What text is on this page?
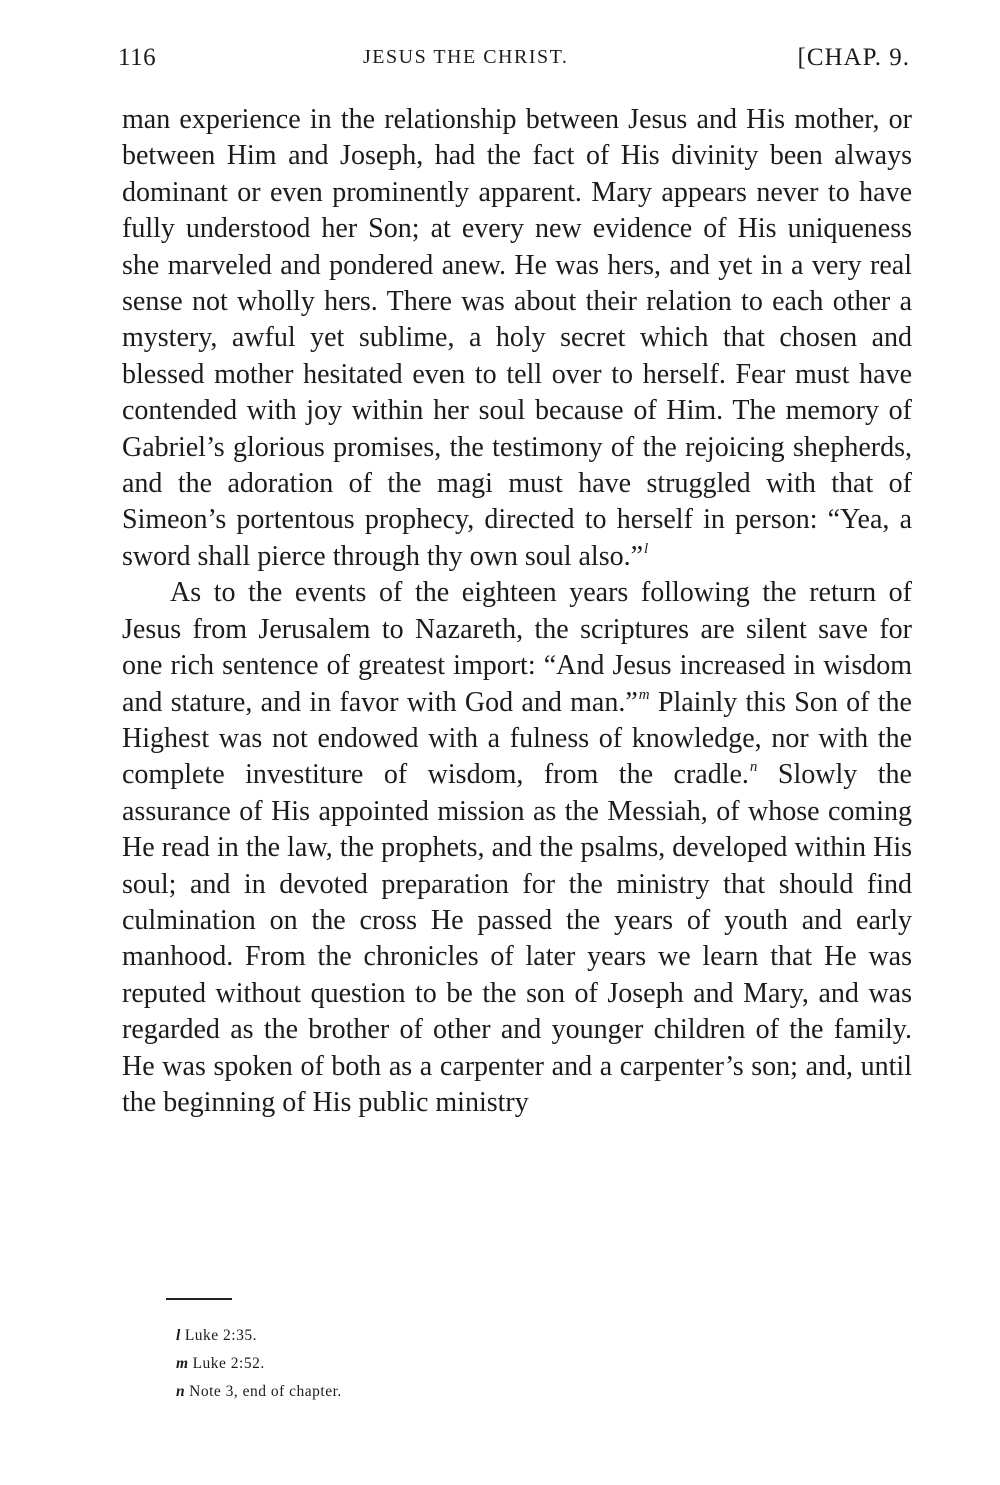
116	JESUS THE CHRIST.	[CHAP. 9.

man experience in the relationship between Jesus and His mother, or between Him and Joseph, had the fact of His divinity been always dominant or even prominently apparent. Mary appears never to have fully understood her Son; at every new evidence of His uniqueness she marveled and pondered anew. He was hers, and yet in a very real sense not wholly hers. There was about their relation to each other a mystery, awful yet sublime, a holy secret which that chosen and blessed mother hesitated even to tell over to herself. Fear must have contended with joy within her soul because of Him. The memory of Gabriel’s glorious promises, the testimony of the rejoicing shepherds, and the adoration of the magi must have struggled with that of Simeon’s portentous prophecy, directed to herself in person: “Yea, a sword shall pierce through thy own soul also.”$^l$

As to the events of the eighteen years following the return of Jesus from Jerusalem to Nazareth, the scriptures are silent save for one rich sentence of greatest import: “And Jesus increased in wisdom and stature, and in favor with God and man.”$^m$ Plainly this Son of the Highest was not endowed with a fulness of knowledge, nor with the complete investiture of wisdom, from the cradle.$^n$ Slowly the assurance of His appointed mission as the Messiah, of whose coming He read in the law, the prophets, and the psalms, developed within His soul; and in devoted preparation for the ministry that should find culmination on the cross He passed the years of youth and early manhood. From the chronicles of later years we learn that He was reputed without question to be the son of Joseph and Mary, and was regarded as the brother of other and younger children of the family. He was spoken of both as a carpenter and a carpenter’s son; and, until the beginning of His public ministry

l Luke 2:35.
m Luke 2:52.
n Note 3, end of chapter.
